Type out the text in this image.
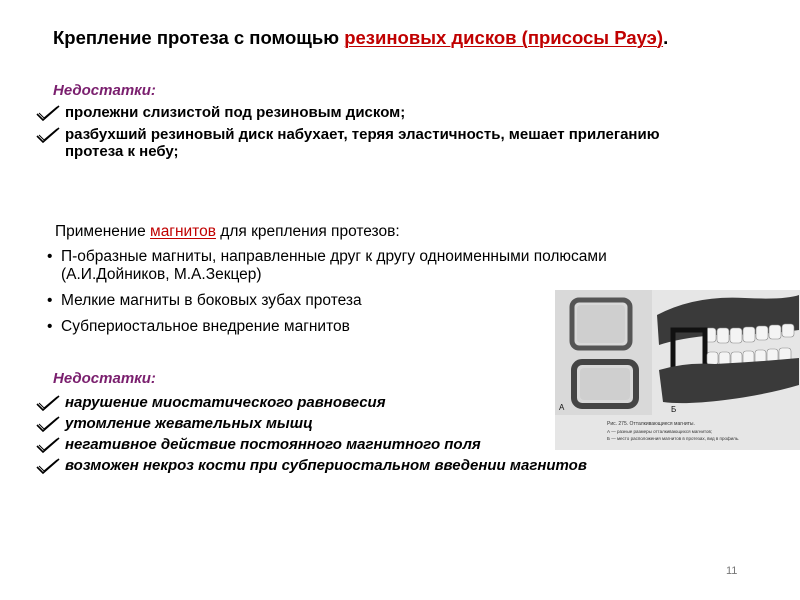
Крепление протеза с помощью резиновых дисков (присосы Рауэ).
Недостатки:
пролежни слизистой под резиновым диском;
разбухший резиновый диск набухает, теряя эластичность, мешает прилеганию протеза к небу;
Применение магнитов для крепления протезов:
• П-образные магниты, направленные друг к другу одноименными полюсами (А.И.Дойников, М.А.Зекцер)
• Мелкие магниты в боковых зубах протеза
• Субпериостальное внедрение магнитов
А	Б
Рис. 275. Отталкивающиеся магниты.
А — разные размеры отталкивающихся магнитов;
Б — место расположения магнитов в протезах, вид в профиль.
Недостатки:
нарушение миостатического равновесия
утомление жевательных мышц
негативное действие постоянного магнитного поля
возможен некроз кости при субпериостальном введении магнитов
11
